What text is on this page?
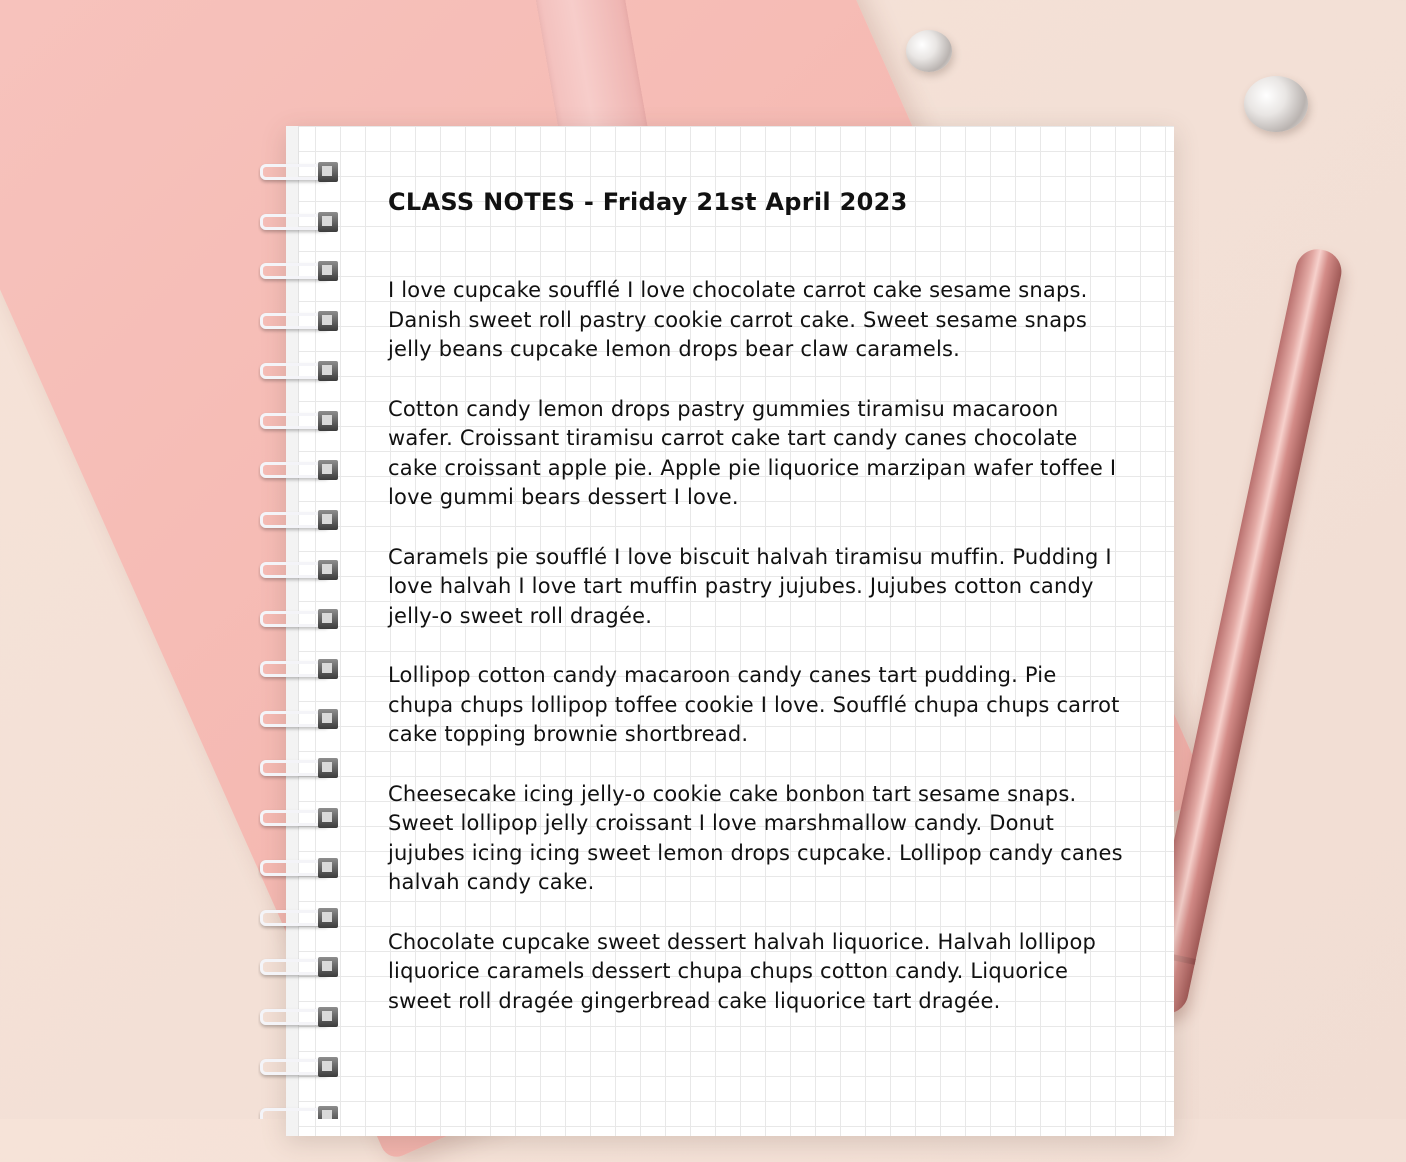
CLASS NOTES - Friday 21st April 2023

I love cupcake soufflé I love chocolate carrot cake sesame snaps. Danish sweet roll pastry cookie carrot cake. Sweet sesame snaps jelly beans cupcake lemon drops bear claw caramels.

Cotton candy lemon drops pastry gummies tiramisu macaroon wafer. Croissant tiramisu carrot cake tart candy canes chocolate cake croissant apple pie. Apple pie liquorice marzipan wafer toffee I love gummi bears dessert I love.

Caramels pie soufflé I love biscuit halvah tiramisu muffin. Pudding I love halvah I love tart muffin pastry jujubes. Jujubes cotton candy jelly-o sweet roll dragée.

Lollipop cotton candy macaroon candy canes tart pudding. Pie chupa chups lollipop toffee cookie I love. Soufflé chupa chups carrot cake topping brownie shortbread.

Cheesecake icing jelly-o cookie cake bonbon tart sesame snaps. Sweet lollipop jelly croissant I love marshmallow candy. Donut jujubes icing icing sweet lemon drops cupcake. Lollipop candy canes halvah candy cake.

Chocolate cupcake sweet dessert halvah liquorice. Halvah lollipop liquorice caramels dessert chupa chups cotton candy. Liquorice sweet roll dragée gingerbread cake liquorice tart dragée.
